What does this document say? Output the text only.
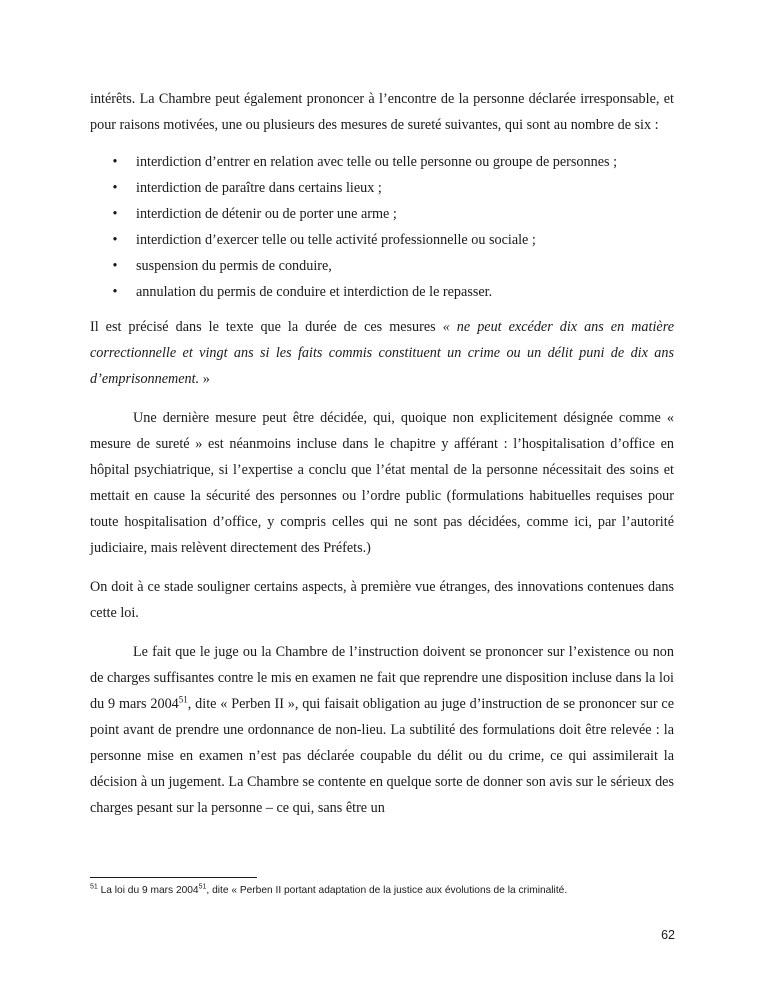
intérêts. La Chambre peut également prononcer à l’encontre de la personne déclarée irresponsable, et pour raisons motivées, une ou plusieurs des mesures de sureté suivantes, qui sont au nombre de six :

• interdiction d’entrer en relation avec telle ou telle personne ou groupe de personnes ;
• interdiction de paraître dans certains lieux ;
• interdiction de détenir ou de porter une arme ;
• interdiction d’exercer telle ou telle activité professionnelle ou sociale ;
• suspension du permis de conduire,
• annulation du permis de conduire et interdiction de le repasser.

Il est précisé dans le texte que la durée de ces mesures « ne peut excéder dix ans en matière correctionnelle et vingt ans si les faits commis constituent un crime ou un délit puni de dix ans d’emprisonnement. »

Une dernière mesure peut être décidée, qui, quoique non explicitement désignée comme « mesure de sureté » est néanmoins incluse dans le chapitre y afférant : l’hospitalisation d’office en hôpital psychiatrique, si l’expertise a conclu que l’état mental de la personne nécessitait des soins et mettait en cause la sécurité des personnes ou l’ordre public (formulations habituelles requises pour toute hospitalisation d’office, y compris celles qui ne sont pas décidées, comme ici, par l’autorité judiciaire, mais relèvent directement des Préfets.)

On doit à ce stade souligner certains aspects, à première vue étranges, des innovations contenues dans cette loi.

Le fait que le juge ou la Chambre de l’instruction doivent se prononcer sur l’existence ou non de charges suffisantes contre le mis en examen ne fait que reprendre une disposition incluse dans la loi du 9 mars 2004$^{51}$, dite « Perben II », qui faisait obligation au juge d’instruction de se prononcer sur ce point avant de prendre une ordonnance de non-lieu. La subtilité des formulations doit être relevée : la personne mise en examen n’est pas déclarée coupable du délit ou du crime, ce qui assimilerait la décision à un jugement. La Chambre se contente en quelque sorte de donner son avis sur le sérieux des charges pesant sur la personne – ce qui, sans être un

$^{51}$ La loi du 9 mars 2004$^{51}$, dite « Perben II portant adaptation de la justice aux évolutions de la criminalité.
62
